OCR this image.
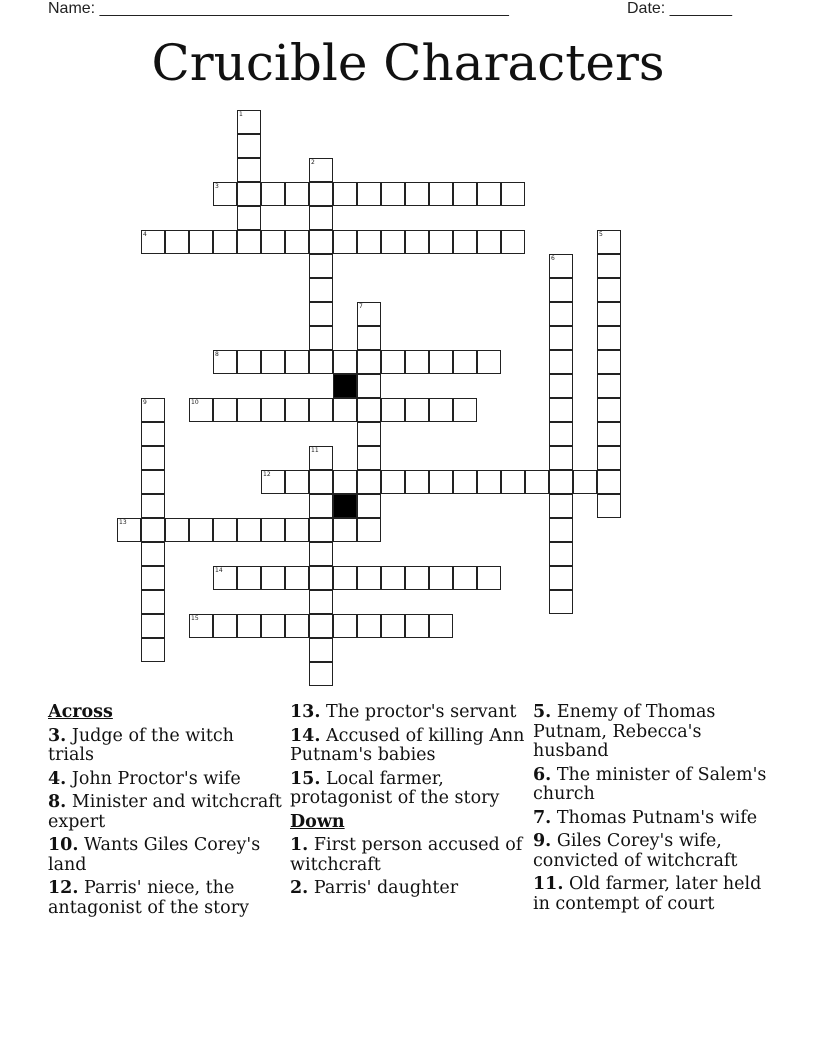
Name: ______________________________________________	Date: _______
Crucible Characters
3
4
8
10
12
13
14
15
1
2
5
6
7
9
11
Across
3. Judge of the witch trials
4. John Proctor's wife
8. Minister and witchcraft expert
10. Wants Giles Corey's land
12. Parris' niece, the antagonist of the story
13. The proctor's servant
14. Accused of killing Ann Putnam's babies
15. Local farmer, protagonist of the story
Down
1. First person accused of witchcraft
2. Parris' daughter
5. Enemy of Thomas Putnam, Rebecca's husband
6. The minister of Salem's church
7. Thomas Putnam's wife
9. Giles Corey's wife, convicted of witchcraft
11. Old farmer, later held in contempt of court
